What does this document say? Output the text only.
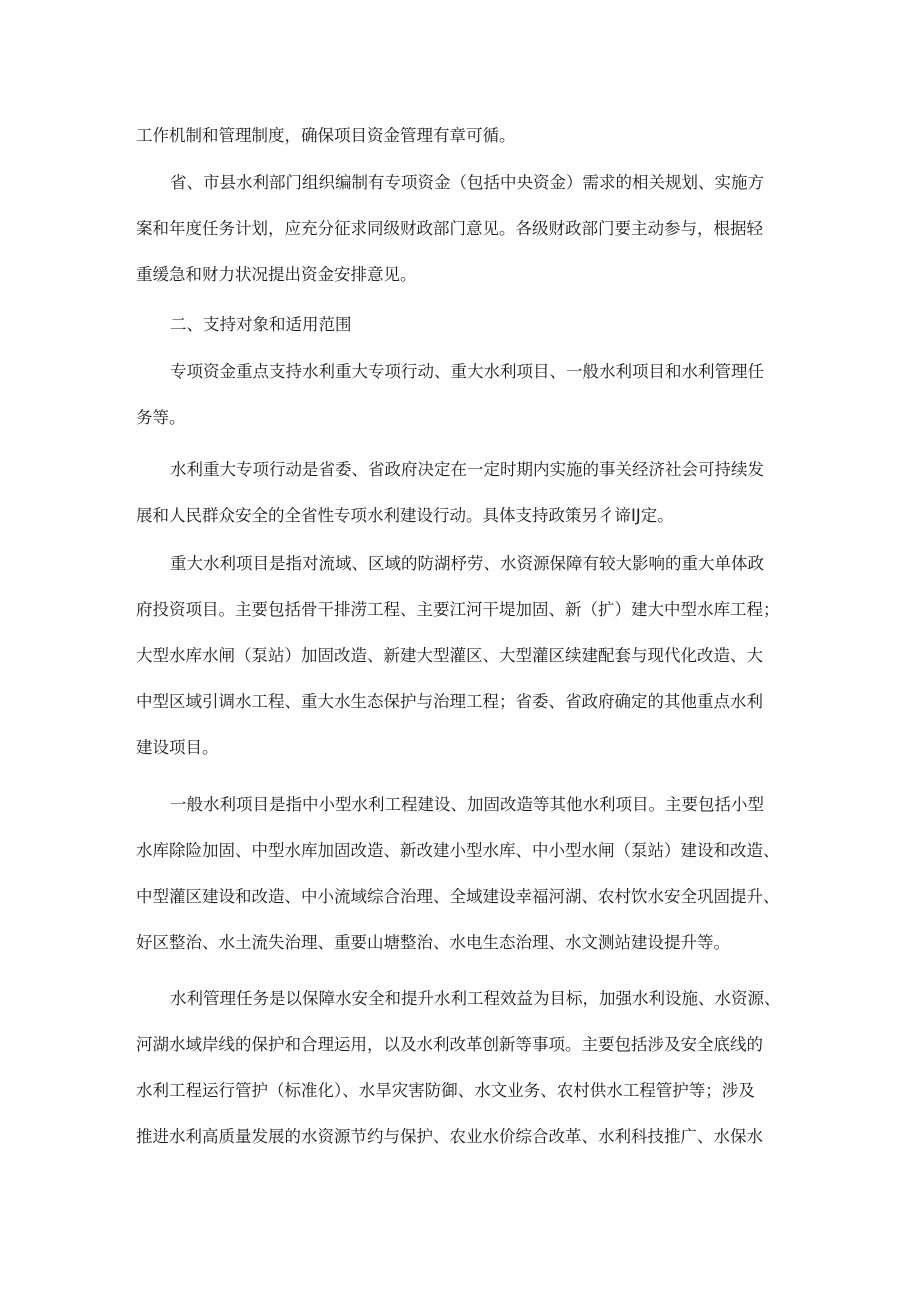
工作机制和管理制度，确保项目资金管理有章可循。
省、市县水利部门组织编制有专项资金（包括中央资金）需求的相关规划、实施方
案和年度任务计划，应充分征求同级财政部门意见。各级财政部门要主动参与，根据轻
重缓急和财力状况提出资金安排意见。
二、支持对象和适用范围
专项资金重点支持水利重大专项行动、重大水利项目、一般水利项目和水利管理任
务等。
水利重大专项行动是省委、省政府决定在一定时期内实施的事关经济社会可持续发
展和人民群众安全的全省性专项水利建设行动。具体支持政策另彳谛IJ定。
重大水利项目是指对流域、区域的防湖杼劳、水资源保障有较大影响的重大单体政
府投资项目。主要包括骨干排涝工程、主要江河干堤加固、新（扩）建大中型水库工程；
大型水库水闸（泵站）加固改造、新建大型灌区、大型灌区续建配套与现代化改造、大
中型区域引调水工程、重大水生态保护与治理工程；省委、省政府确定的其他重点水利
建设项目。
一般水利项目是指中小型水利工程建设、加固改造等其他水利项目。主要包括小型
水库除险加固、中型水库加固改造、新改建小型水库、中小型水闸（泵站）建设和改造、
中型灌区建设和改造、中小流域综合治理、全域建设幸福河湖、农村饮水安全巩固提升、
好区整治、水土流失治理、重要山塘整治、水电生态治理、水文测站建设提升等。
水利管理任务是以保障水安全和提升水利工程效益为目标，加强水利设施、水资源、
河湖水域岸线的保护和合理运用，以及水利改革创新等事项。主要包括涉及安全底线的
水利工程运行管护（标准化）、水旱灾害防御、水文业务、农村供水工程管护等；涉及
推进水利高质量发展的水资源节约与保护、农业水价综合改革、水利科技推广、水保水
